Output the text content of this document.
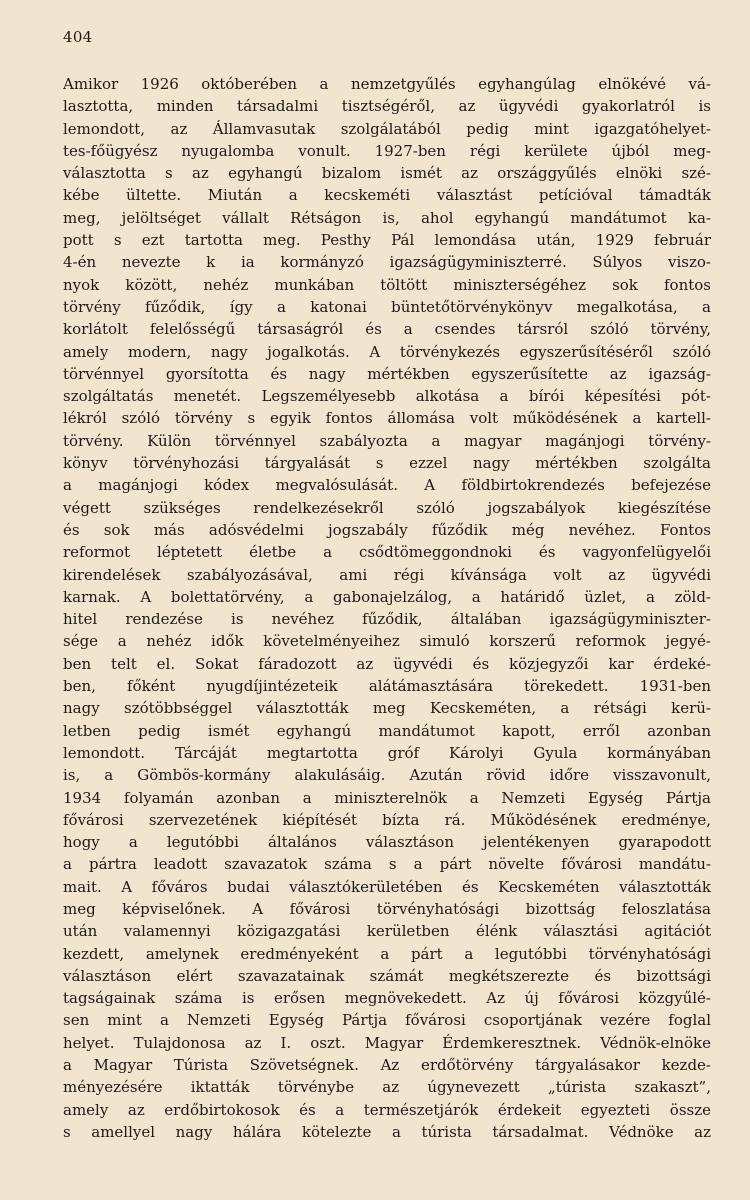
404
Amikor 1926 októberében a nemzetgyűlés egyhangúlag elnökévé vá-
lasztotta, minden társadalmi tisztségéről, az ügyvédi gyakorlatról is
lemondott, az Államvasutak szolgálatából pedig mint igazgatóhelyet-
tes-főügyész nyugalomba vonult. 1927-ben régi kerülete újból meg-
választotta s az egyhangú bizalom ismét az országgyűlés elnöki szé-
kébe ültette. Miután a kecskeméti választást petícióval támadták
meg, jelöltséget vállalt Rétságon is, ahol egyhangú mandátumot ka-
pott s ezt tartotta meg. Pesthy Pál lemondása után, 1929 február
4-én nevezte k ia kormányzó igazságügyminiszterré. Súlyos viszo-
nyok között, nehéz munkában töltött miniszterségéhez sok fontos
törvény fűződik, így a katonai büntetőtörvénykönyv megalkotása, a
korlátolt felelősségű társaságról és a csendes társról szóló törvény,
amely modern, nagy jogalkotás. A törvénykezés egyszerűsítéséről szóló
törvénnyel gyorsította és nagy mértékben egyszerűsítette az igazság-
szolgáltatás menetét. Legszemélyesebb alkotása a bírói képesítési pót-
lékról szóló törvény s egyik fontos állomása volt működésének a kartell-
törvény. Külön törvénnyel szabályozta a magyar magánjogi törvény-
könyv törvényhozási tárgyalását s ezzel nagy mértékben szolgálta
a magánjogi kódex megvalósulását. A földbirtokrendezés befejezése
végett szükséges rendelkezésekről szóló jogszabályok kiegészítése
és sok más adósvédelmi jogszabály fűződik még nevéhez. Fontos
reformot léptetett életbe a csődtömeggondnoki és vagyonfelügyelői
kirendelések szabályozásával, ami régi kívánsága volt az ügyvédi
karnak. A bolettatörvény, a gabonajelzálog, a határidő üzlet, a zöld-
hitel rendezése is nevéhez fűződik, általában igazságügyminiszter-
sége a nehéz idők követelményeihez simuló korszerű reformok jegyé-
ben telt el. Sokat fáradozott az ügyvédi és közjegyzői kar érdeké-
ben, főként nyugdíjintézeteik alátámasztására törekedett. 1931-ben
nagy szótöbbséggel választották meg Kecskeméten, a rétsági kerü-
letben pedig ismét egyhangú mandátumot kapott, erről azonban
lemondott. Tárcáját megtartotta gróf Károlyi Gyula kormányában
is, a Gömbös-kormány alakulásáig. Azután rövid időre visszavonult,
1934 folyamán azonban a miniszterelnök a Nemzeti Egység Pártja
fővárosi szervezetének kiépítését bízta rá. Működésének eredménye,
hogy a legutóbbi általános választáson jelentékenyen gyarapodott
a pártra leadott szavazatok száma s a párt növelte fővárosi mandátu-
mait. A főváros budai választókerületében és Kecskeméten választották
meg képviselőnek. A fővárosi törvényhatósági bizottság feloszlatása
után valamennyi közigazgatási kerületben élénk választási agitációt
kezdett, amelynek eredményeként a párt a legutóbbi törvényhatósági
választáson elért szavazatainak számát megkétszerezte és bizottsági
tagságainak száma is erősen megnövekedett. Az új fővárosi közgyűlé-
sen mint a Nemzeti Egység Pártja fővárosi csoportjának vezére foglal
helyet. Tulajdonosa az I. oszt. Magyar Érdemkeresztnek. Védnök-elnöke
a Magyar Túrista Szövetségnek. Az erdőtörvény tárgyalásakor kezde-
ményezésére iktatták törvénybe az úgynevezett „túrista szakaszt”,
amely az erdőbirtokosok és a természetjárók érdekeit egyezteti össze
s amellyel nagy hálára kötelezte a túrista társadalmat. Védnöke az
